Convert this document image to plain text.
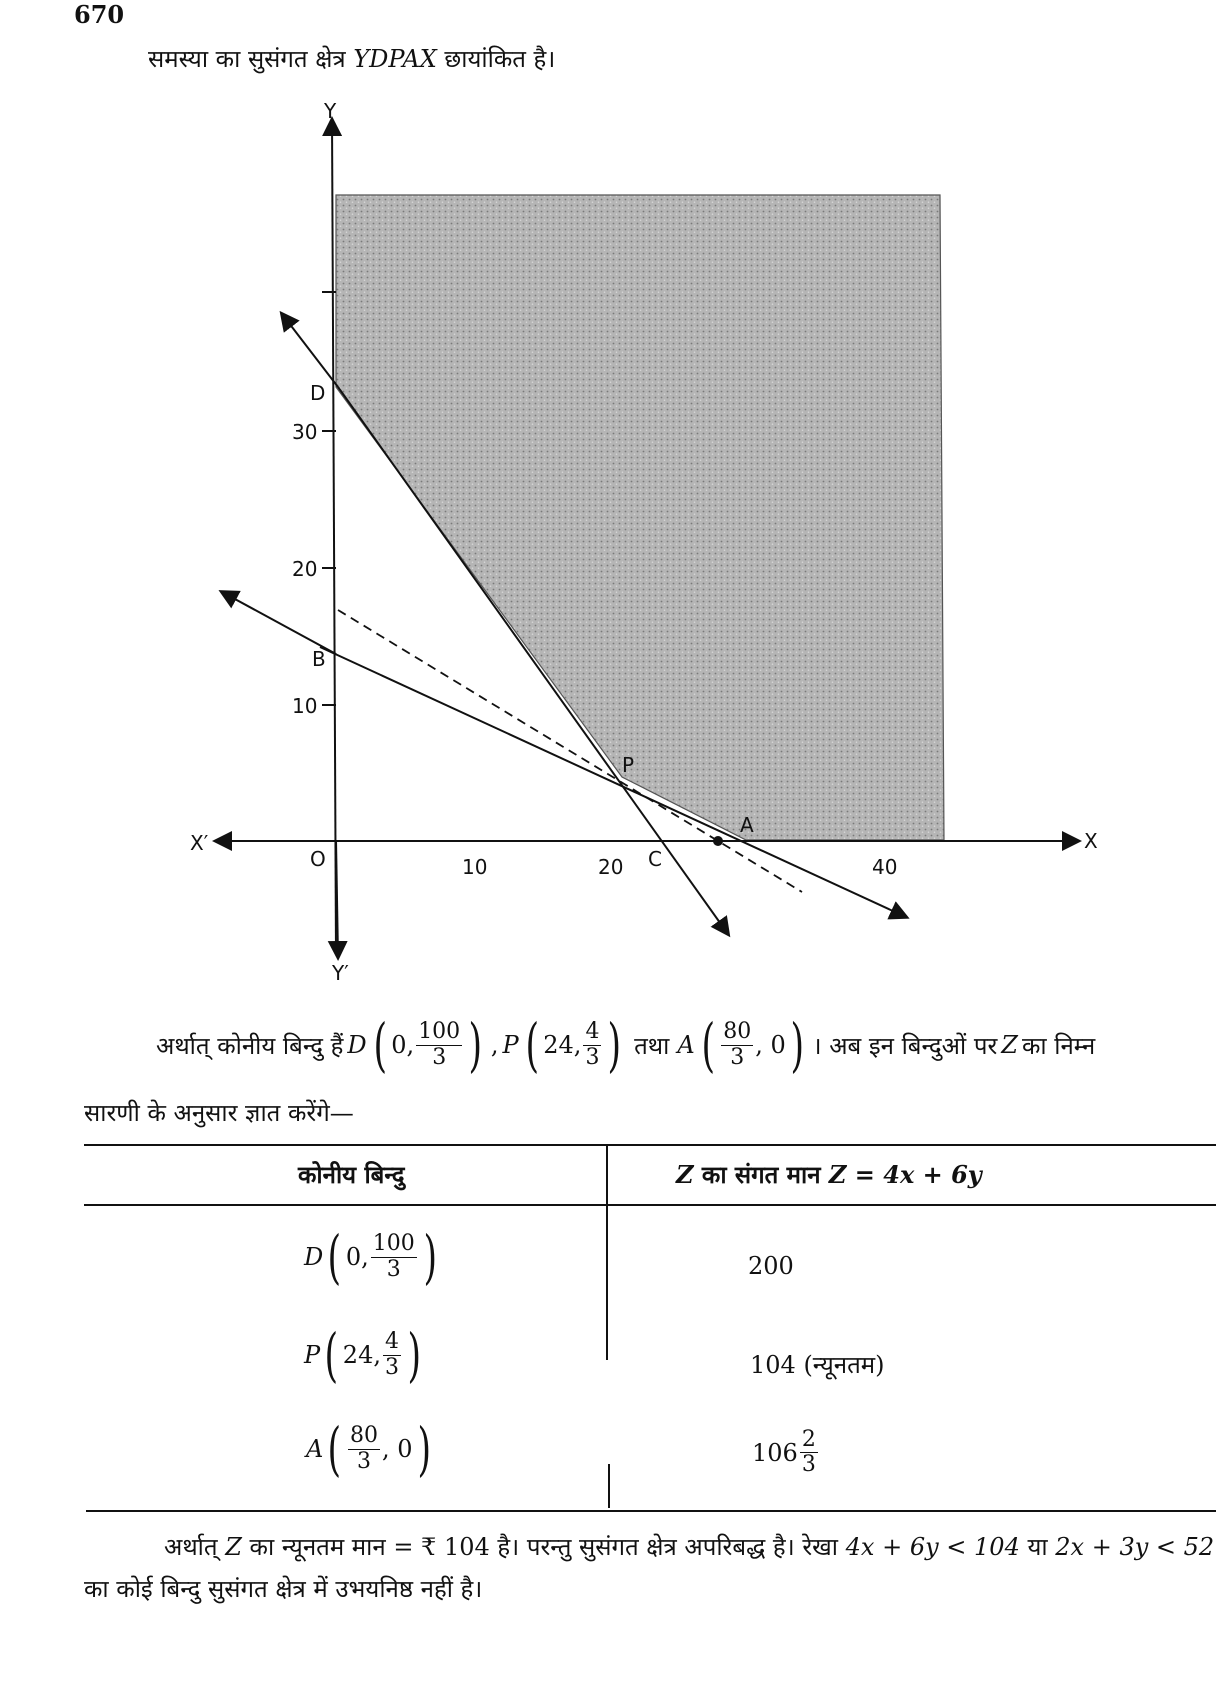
670
समस्या का सुसंगत क्षेत्र YDPAX छायांकित है।
Y
Y′
X
X′
O	10	20	40
30
20
10
D
B
P
C
A
अर्थात् कोनीय बिन्दु हैं D ( 0, $\frac{100}{3}$ ) , P ( 24, $\frac{4}{3}$ ) तथा A ( $\frac{80}{3}$ , 0 ) । अब इन बिन्दुओं पर Z का निम्न
सारणी के अनुसार ज्ञात करेंगे—
कोनीय बिन्दु	Z का संगत मान Z = 4x + 6y
D ( 0, $\frac{100}{3}$ )	200
P ( 24, $\frac{4}{3}$ )	104 (न्यूनतम)
A ( $\frac{80}{3}$ , 0 )	$106 \frac{2}{3}$
अर्थात् Z का न्यूनतम मान = ₹ 104 है। परन्तु सुसंगत क्षेत्र अपरिबद्ध है। रेखा 4x + 6y < 104 या 2x + 3y < 52
का कोई बिन्दु सुसंगत क्षेत्र में उभयनिष्ठ नहीं है।
